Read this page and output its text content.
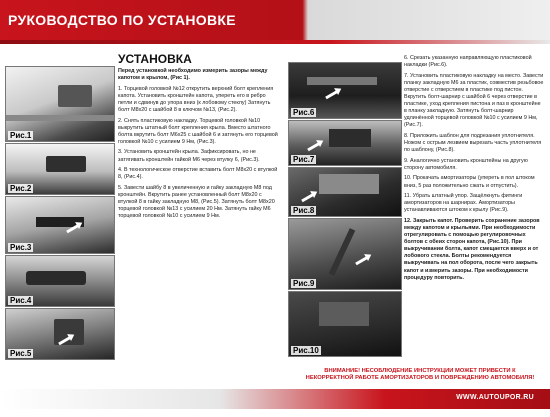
РУКОВОДСТВО ПО УСТАНОВКЕ
Рис.1
Рис.2
Рис.3
Рис.4
Рис.5
УСТАНОВКА

Перед установкой необходимо измерить зазоры между капотом и крылом, (Рис 1).

1. Торцевой головкой №12 открутить верхний болт крепления капота. Установить кронштейн капота, упереть его в ребро петли и сдвинув до упора вниз (к лобовому стеклу) Затянуть болт М8х20 с шайбой 8 в ключом №13, (Рис.2).

2. Снять пластиковую накладку. Торцевой головкой №10 выкрутить штатный болт крепления крыла. Вместо штатного болта вкрутить болт М6х25 с шайбой 6 и затянуть его торцевой головкой №10 с усилием 9 Нм, (Рис.3).

3. Установить кронштейн крыла. Зафиксировать, но не затягивать кронштейн гайкой М6 через втулку 6, (Рис.3).

4. В технологическое отверстие вставить болт М8х20 с втулкой 8, (Рис.4).

5. Завести шайбу 8 в увеличенную и гайку закладную М8 под кронштейн. Вкрутить ранее установленный болт М8х20 с втулкой 8 в гайку закладную М8, (Рис.5). Затянуть болт М8х20 торцевой головкой №13 с усилием 20 Нм. Затянуть гайку М6 торцевой головкой №10 с усилием 9 Нм.

Рис.6
Рис.7
Рис.8
Рис.9
Рис.10

6. Срезать указанную направляющую пластиковой накладки (Рис.6).

7. Установить пластиковую накладку на место. Завести планку закладную М6 за пластик, совместив резьбовое отверстие с отверстием в пластике под пистон. Вкрутить болт-шарнир с шайбой 6 через отверстие в пластике, уход крепления пистона и паз в кронштейне в планку закладную. Затянуть болт-шарнир удлинённой торцевой головкой №10 с усилием 9 Нм, (Рис.7).

8. Приложить шаблон для подрезания уплотнителя. Ножом с острым лезвием вырезать часть уплотнителя по шаблону, (Рис.8).

9. Аналогично установить кронштейны на другую сторону автомобиля.

10. Прокачать амортизаторы (упереть в пол штоком вниз, 5 раз положительно сжать и отпустить).

11. Убрать штатный упор. Защёлкнуть фитинги амортизаторов на шарнирах. Амортизаторы устанавливаются штоком к крылу (Рис.9).

12. Закрыть капот. Проверить сохранение зазоров между капотом и крыльями. При необходимости отрегулировать с помощью регулировочных болтов с обеих сторон капота, (Рис.10). При выкручивании болта, капот смещается вверх и от лобового стекла. Болты рекомендуется выкручивать на пол оборота, после чего закрыть капот и измерить зазоры. При необходимости процедуру повторить.

ВНИМАНИЕ! НЕСОБЛЮДЕНИЕ ИНСТРУКЦИИ МОЖЕТ ПРИВЕСТИ К
НЕКОРРЕКТНОЙ РАБОТЕ АМОРТИЗАТОРОВ И ПОВРЕЖДЕНИЮ АВТОМОБИЛЯ!
WWW.AUTOUPOR.RU
